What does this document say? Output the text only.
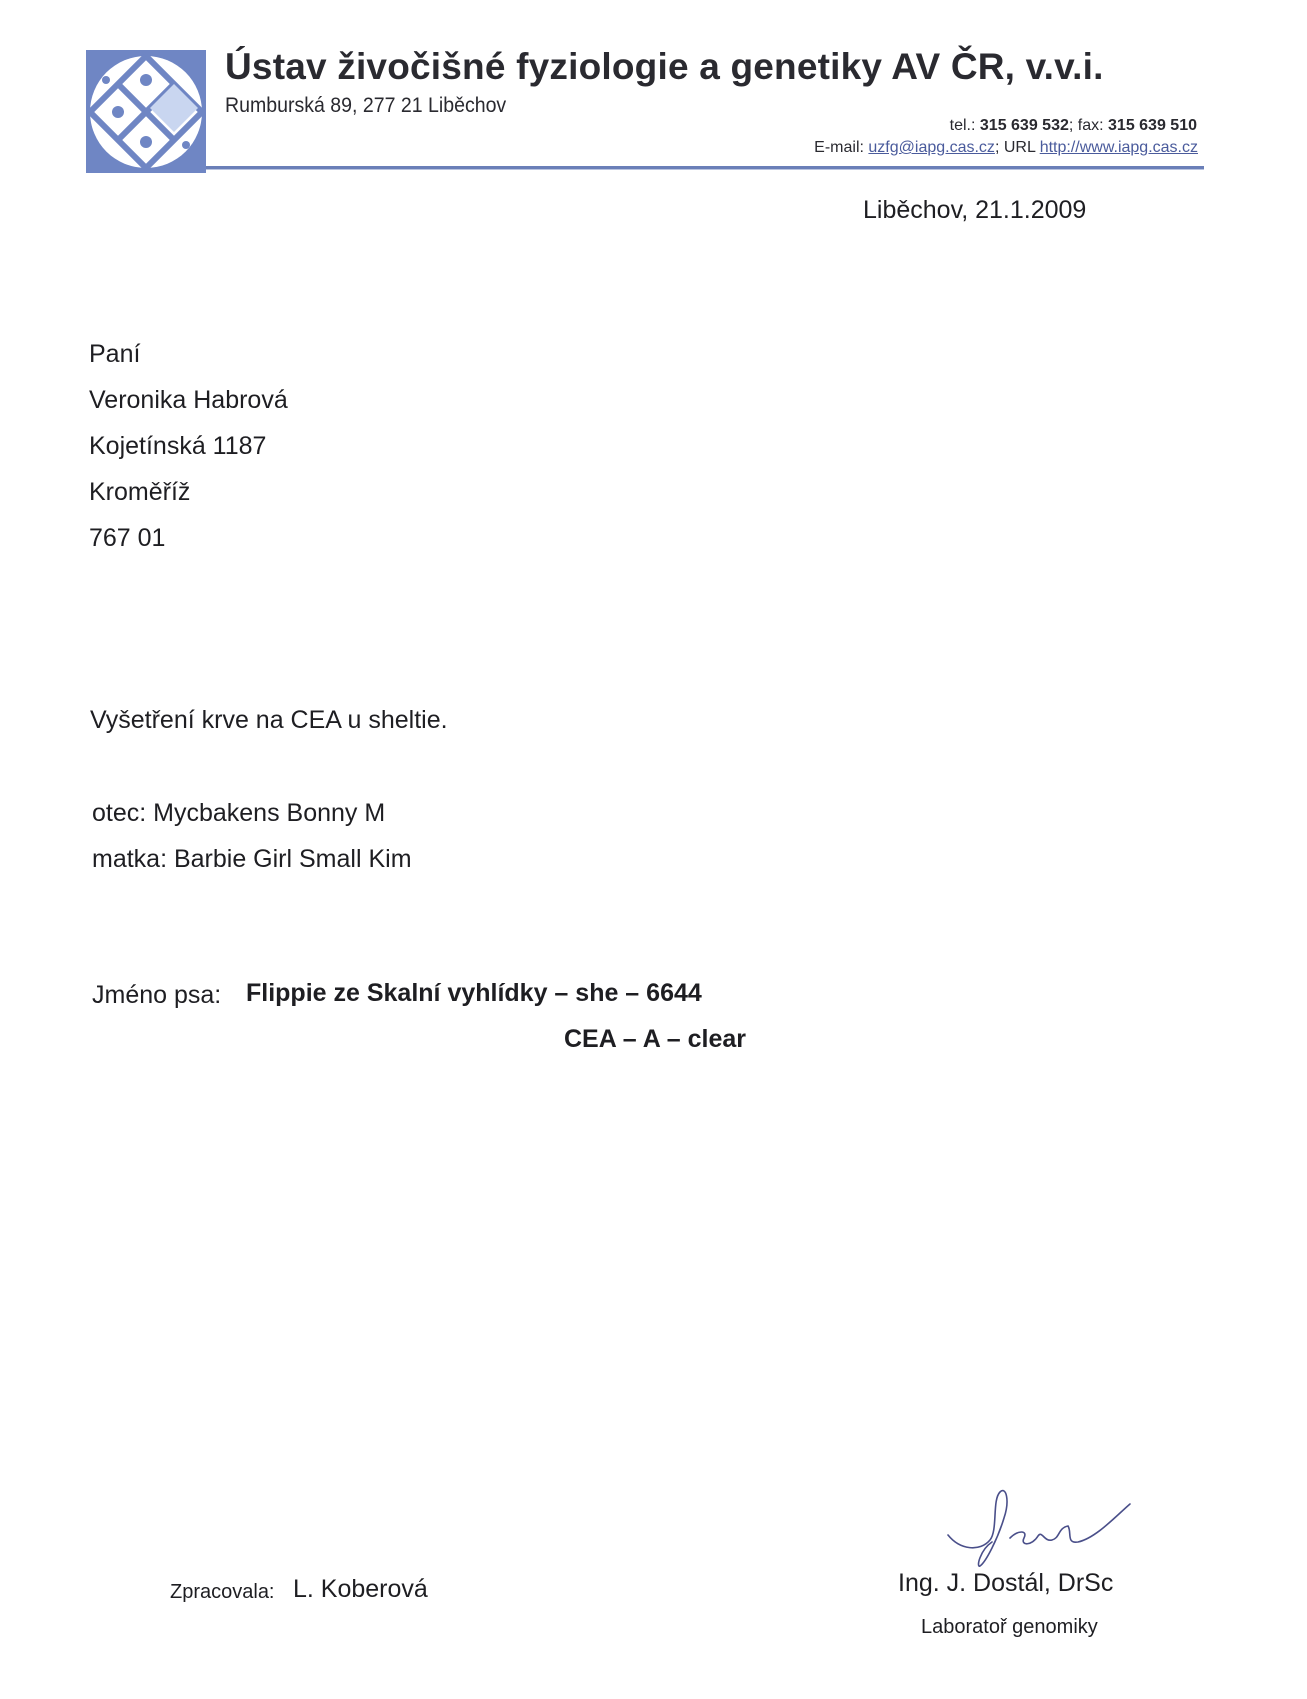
Ústav živočišné fyziologie a genetiky AV ČR, v.v.i.
Rumburská 89, 277 21 Liběchov
tel.: 315 639 532; fax: 315 639 510
E-mail: uzfg@iapg.cas.cz; URL http://www.iapg.cas.cz
Liběchov, 21.1.2009
Paní
Veronika Habrová
Kojetínská 1187
Kroměříž
767 01
Vyšetření krve na CEA u sheltie.
otec: Mycbakens Bonny M
matka: Barbie Girl Small Kim
Jméno psa: Flippie ze Skalní vyhlídky – she – 6644
CEA – A – clear
Zpracovala: L. Koberová	Ing. J. Dostál, DrSc
Laboratoř genomiky
